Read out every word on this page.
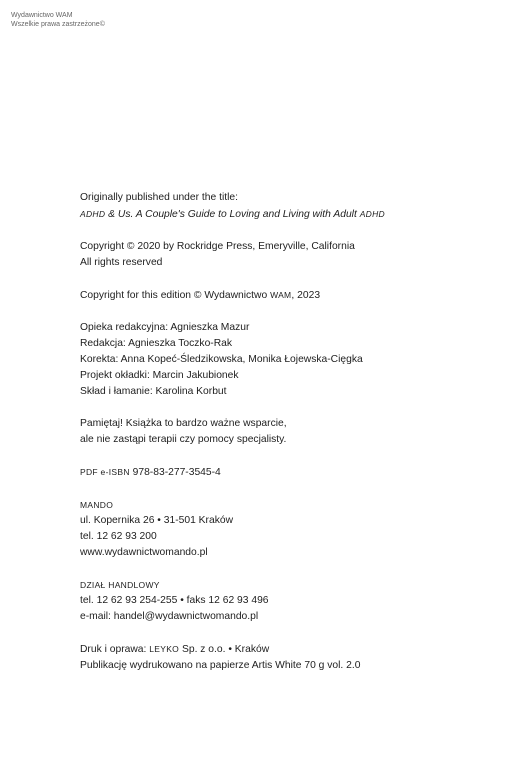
Wydawnictwo WAM
Wszelkie prawa zastrzeżone©
Originally published under the title:
ADHD & Us. A Couple's Guide to Loving and Living with Adult ADHD
Copyright © 2020 by Rockridge Press, Emeryville, California
All rights reserved
Copyright for this edition © Wydawnictwo WAM, 2023
Opieka redakcyjna: Agnieszka Mazur
Redakcja: Agnieszka Toczko-Rak
Korekta: Anna Kopeć-Śledzikowska, Monika Łojewska-Cięgka
Projekt okładki: Marcin Jakubionek
Skład i łamanie: Karolina Korbut
Pamiętaj! Książka to bardzo ważne wsparcie,
ale nie zastąpi terapii czy pomocy specjalisty.
PDF e-ISBN 978-83-277-3545-4
MANDO
ul. Kopernika 26 • 31-501 Kraków
tel. 12 62 93 200
www.wydawnictwomando.pl
DZIAŁ HANDLOWY
tel. 12 62 93 254-255 • faks 12 62 93 496
e-mail: handel@wydawnictwomando.pl
Druk i oprawa: LEYKO Sp. z o.o. • Kraków
Publikację wydrukowano na papierze Artis White 70 g vol. 2.0
